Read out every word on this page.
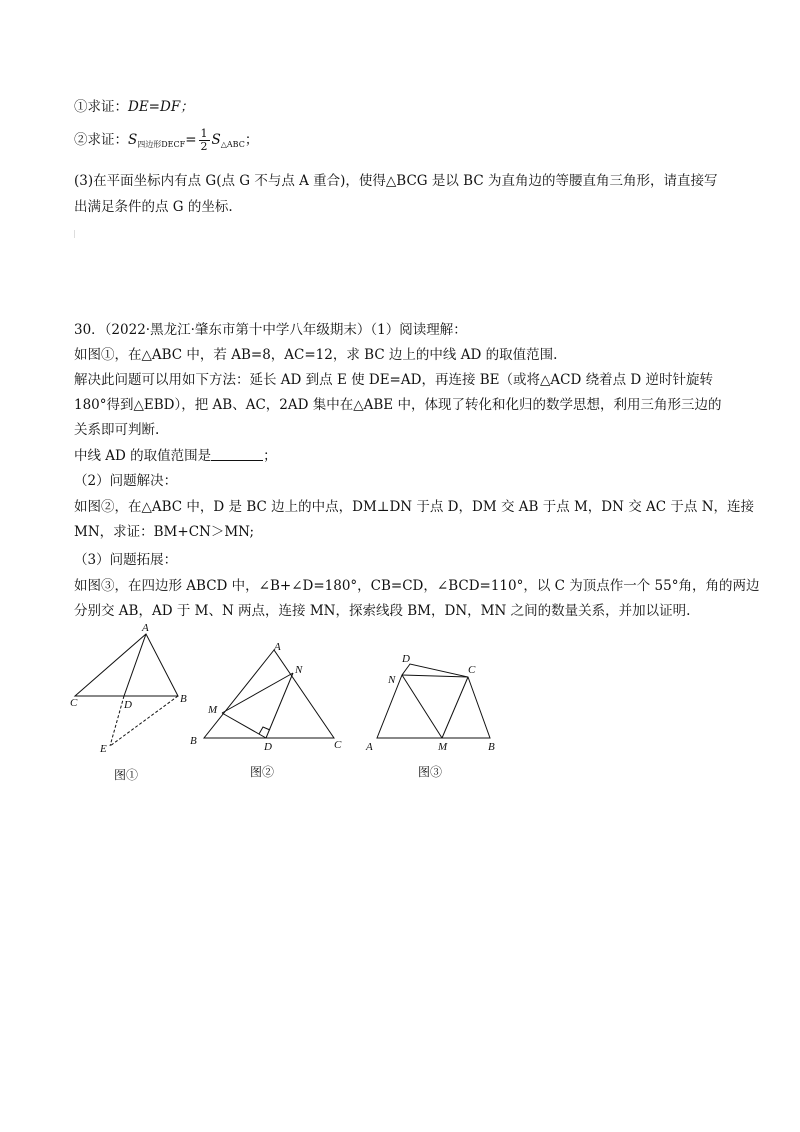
①求证：DE=DF；
②求证：$S_{四边形DECF}= \frac{1}{2} S_{\triangle ABC}$；
(3)在平面坐标内有点 G(点 G 不与点 A 重合)，使得△BCG 是以 BC 为直角边的等腰直角三角形，请直接写
出满足条件的点 G 的坐标.
30．（2022·黑龙江·肇东市第十中学八年级期末）（1）阅读理解：
如图①，在△ABC 中，若 AB=8，AC=12，求 BC 边上的中线 AD 的取值范围.
解决此问题可以用如下方法：延长 AD 到点 E 使 DE=AD，再连接 BE（或将△ACD 绕着点 D 逆时针旋转
180°得到△EBD），把 AB、AC，2AD 集中在△ABE 中，体现了转化和化归的数学思想，利用三角形三边的
关系即可判断.
中线 AD 的取值范围是	；
（2）问题解决：
如图②，在△ABC 中，D 是 BC 边上的中点，DM⊥DN 于点 D，DM 交 AB 于点 M，DN 交 AC 于点 N，连接
MN，求证：BM+CN＞MN;
（3）问题拓展：
如图③，在四边形 ABCD 中，∠B+∠D=180°，CB=CD，∠BCD=110°，以 C 为顶点作一个 55°角，角的两边
分别交 AB，AD 于 M、N 两点，连接 MN，探索线段 BM，DN，MN 之间的数量关系，并加以证明.
A
C	D	B
E
图①
A
N
M
B	D	C
图②
D
N
C
A	M	B
图③
